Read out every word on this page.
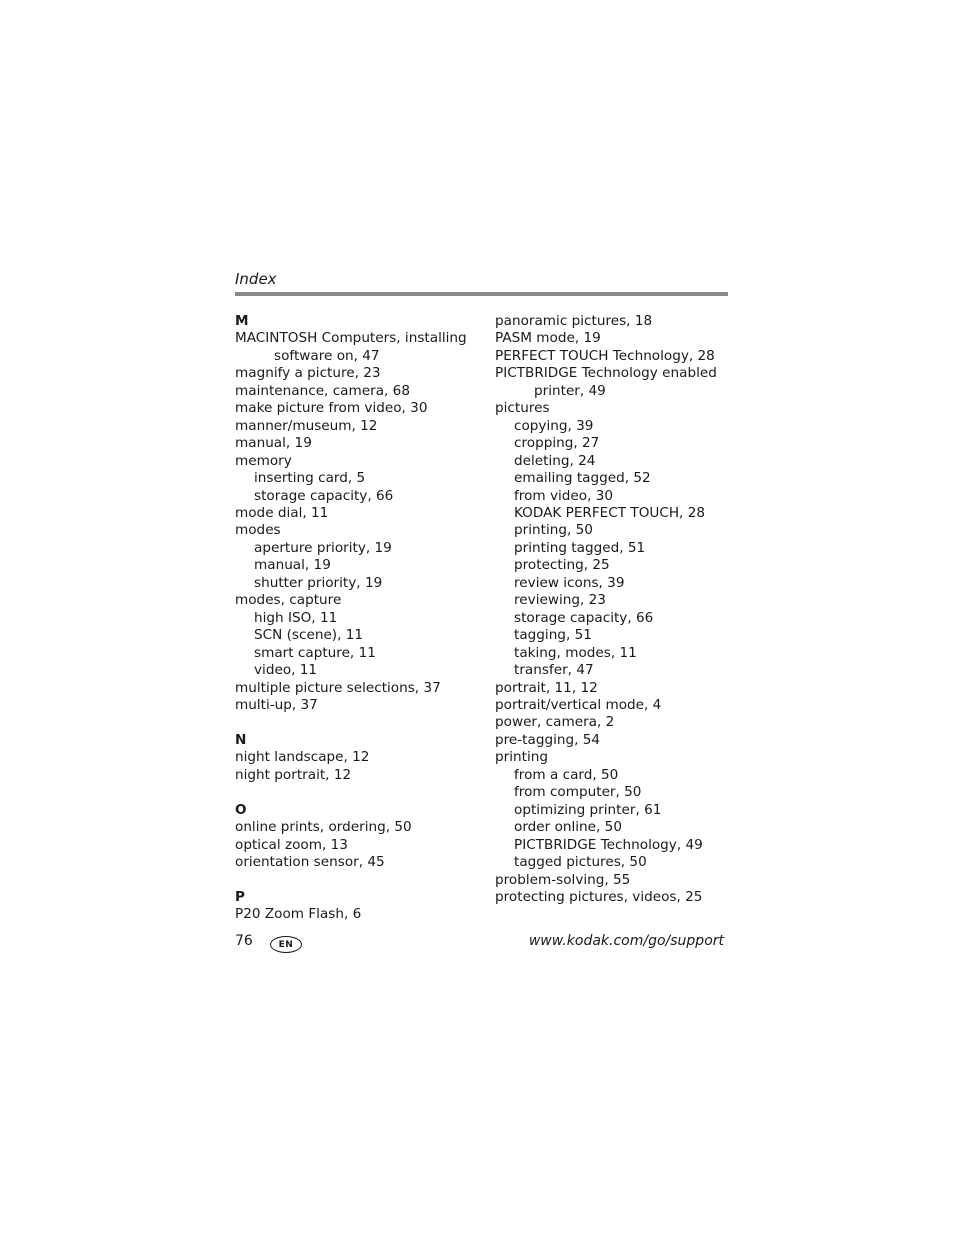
Index
M
MACINTOSH Computers, installing
software on, 47
magnify a picture, 23
maintenance, camera, 68
make picture from video, 30
manner/museum, 12
manual, 19
memory
inserting card, 5
storage capacity, 66
mode dial, 11
modes
aperture priority, 19
manual, 19
shutter priority, 19
modes, capture
high ISO, 11
SCN (scene), 11
smart capture, 11
video, 11
multiple picture selections, 37
multi-up, 37
N
night landscape, 12
night portrait, 12
O
online prints, ordering, 50
optical zoom, 13
orientation sensor, 45
P
P20 Zoom Flash, 6
panoramic pictures, 18
PASM mode, 19
PERFECT TOUCH Technology, 28
PICTBRIDGE Technology enabled
printer, 49
pictures
copying, 39
cropping, 27
deleting, 24
emailing tagged, 52
from video, 30
KODAK PERFECT TOUCH, 28
printing, 50
printing tagged, 51
protecting, 25
review icons, 39
reviewing, 23
storage capacity, 66
tagging, 51
taking, modes, 11
transfer, 47
portrait, 11, 12
portrait/vertical mode, 4
power, camera, 2
pre-tagging, 54
printing
from a card, 50
from computer, 50
optimizing printer, 61
order online, 50
PICTBRIDGE Technology, 49
tagged pictures, 50
problem-solving, 55
protecting pictures, videos, 25
76	EN	www.kodak.com/go/support
